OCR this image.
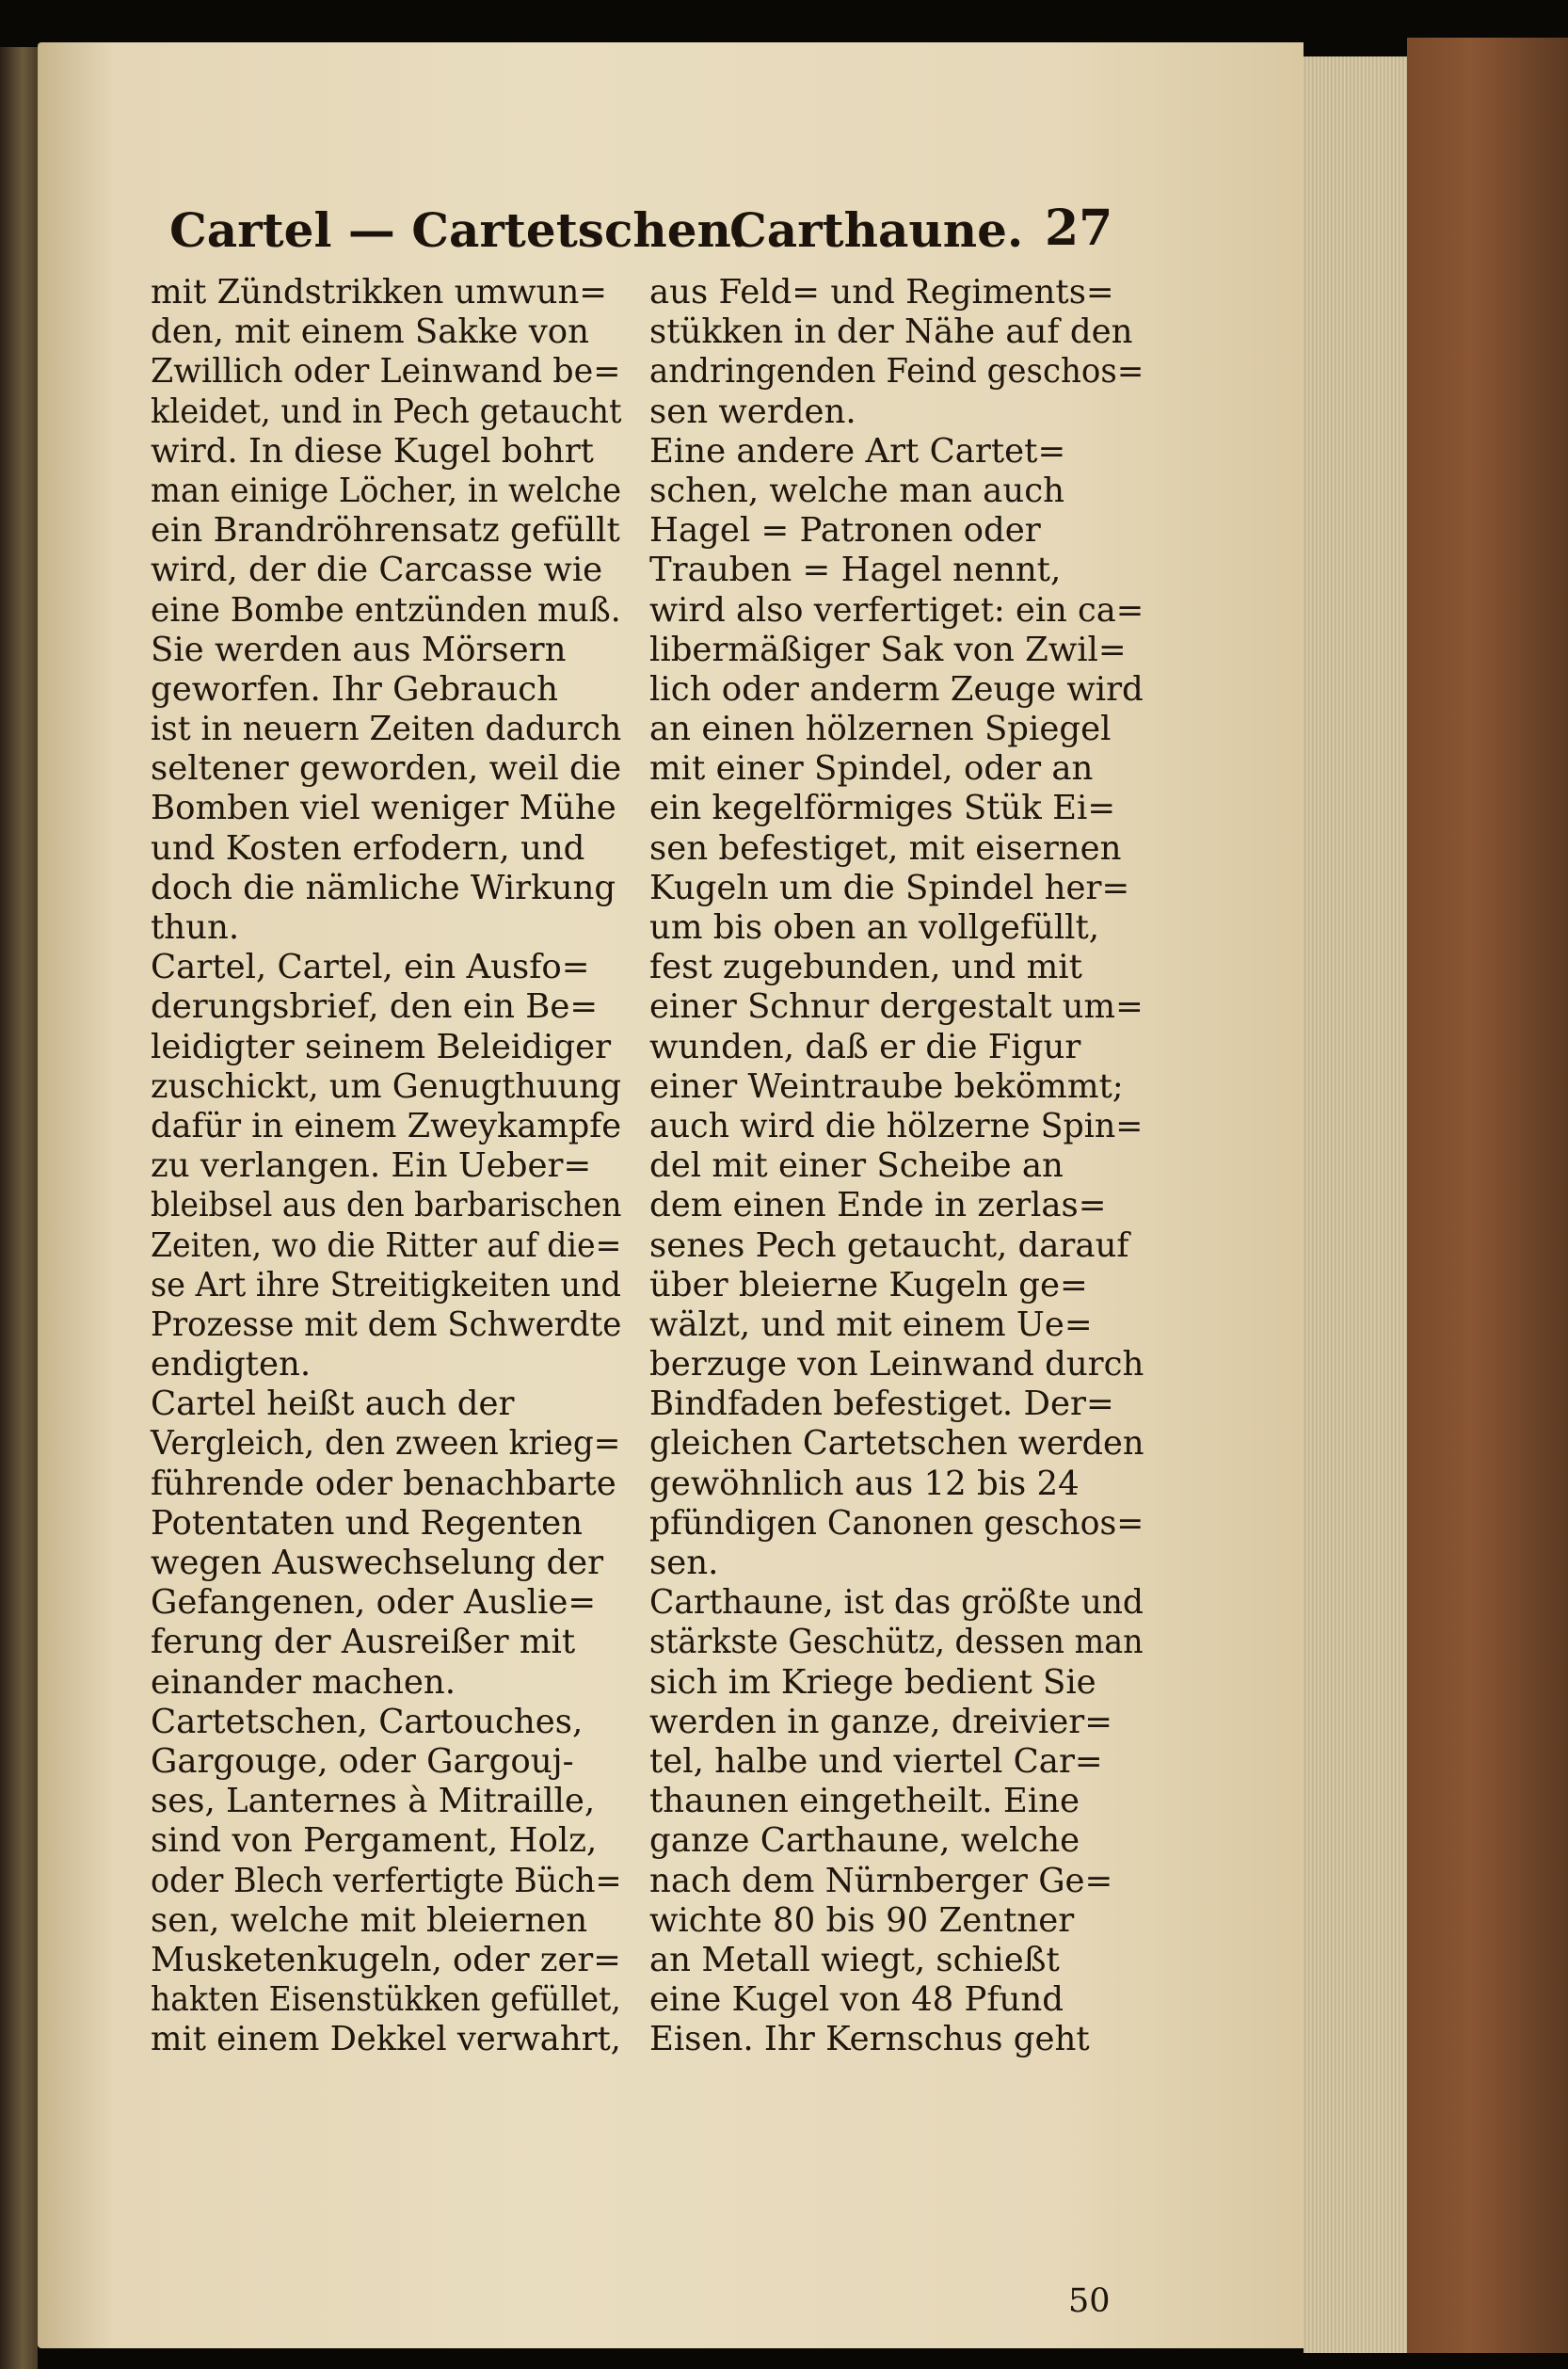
Cartel — Cartetschen.
Carthaune. 27
mit Zündstrikken umwun=
den, mit einem Sakke von
Zwillich oder Leinwand be=
kleidet, und in Pech getaucht
wird. In diese Kugel bohrt
man einige Löcher, in welche
ein Brandröhrensatz gefüllt
wird, der die Carcasse wie
eine Bombe entzünden muß.
Sie werden aus Mörsern
geworfen. Ihr Gebrauch
ist in neuern Zeiten dadurch
seltener geworden, weil die
Bomben viel weniger Mühe
und Kosten erfodern, und
doch die nämliche Wirkung
thun.
Cartel, Cartel, ein Ausfo=
derungsbrief, den ein Be=
leidigter seinem Beleidiger
zuschickt, um Genugthuung
dafür in einem Zweykampfe
zu verlangen. Ein Ueber=
bleibsel aus den barbarischen
Zeiten, wo die Ritter auf die=
se Art ihre Streitigkeiten und
Prozesse mit dem Schwerdte
endigten.
Cartel heißt auch der
Vergleich, den zween krieg=
führende oder benachbarte
Potentaten und Regenten
wegen Auswechselung der
Gefangenen, oder Auslie=
ferung der Ausreißer mit
einander machen.
Cartetschen, Cartouches,
Gargouge, oder Gargouj-
ses, Lanternes à Mitraille,
sind von Pergament, Holz,
oder Blech verfertigte Büch=
sen, welche mit bleiernen
Musketenkugeln, oder zer=
hakten Eisenstükken gefüllet,
mit einem Dekkel verwahrt,
aus Feld= und Regiments=
stükken in der Nähe auf den
andringenden Feind geschos=
sen werden.
Eine andere Art Cartet=
schen, welche man auch
Hagel = Patronen oder
Trauben = Hagel nennt,
wird also verfertiget: ein ca=
libermäßiger Sak von Zwil=
lich oder anderm Zeuge wird
an einen hölzernen Spiegel
mit einer Spindel, oder an
ein kegelförmiges Stük Ei=
sen befestiget, mit eisernen
Kugeln um die Spindel her=
um bis oben an vollgefüllt,
fest zugebunden, und mit
einer Schnur dergestalt um=
wunden, daß er die Figur
einer Weintraube bekömmt;
auch wird die hölzerne Spin=
del mit einer Scheibe an
dem einen Ende in zerlas=
senes Pech getaucht, darauf
über bleierne Kugeln ge=
wälzt, und mit einem Ue=
berzuge von Leinwand durch
Bindfaden befestiget. Der=
gleichen Cartetschen werden
gewöhnlich aus 12 bis 24
pfündigen Canonen geschos=
sen.
Carthaune, ist das größte und
stärkste Geschütz, dessen man
sich im Kriege bedient Sie
werden in ganze, dreivier=
tel, halbe und viertel Car=
thaunen eingetheilt. Eine
ganze Carthaune, welche
nach dem Nürnberger Ge=
wichte 80 bis 90 Zentner
an Metall wiegt, schießt
eine Kugel von 48 Pfund
Eisen. Ihr Kernschus geht
50
